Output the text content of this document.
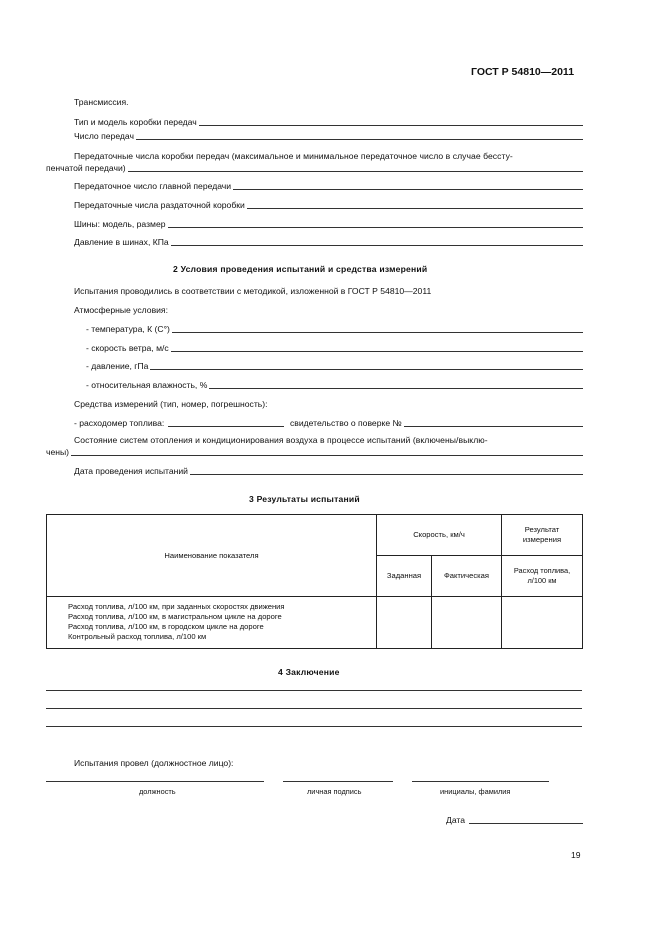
ГОСТ Р 54810—2011
Трансмиссия.
Тип и модель коробки передач
Число передач
Передаточные числа коробки передач (максимальное и минимальное передаточное число в случае бессту-
пенчатой передачи)
Передаточное число главной передачи
Передаточные числа раздаточной коробки
Шины: модель, размер
Давление в шинах, КПа
2 Условия проведения испытаний и средства измерений
Испытания проводились в соответствии с методикой, изложенной в ГОСТ Р 54810—2011
Атмосферные условия:
- температура, К (С°)
- скорость ветра, м/с
- давление, гПа
- относительная влажность, %
Средства измерений (тип, номер, погрешность):
- расходомер топлива:	свидетельство о поверке №
Состояние систем отопления и кондиционирования воздуха в процессе испытаний (включены/выклю-
чены)
Дата проведения испытаний
3 Результаты испытаний
Наименование показателя	Скорость, км/ч		Результат
измерения

	Заданная	Фактическая	Расход топлива,
л/100 км

Расход топлива, л/100 км, при заданных скоростях движения
Расход топлива, л/100 км, в магистральном цикле на дороге
Расход топлива, л/100 км, в городском цикле на дороге
Контрольный расход топлива, л/100 км			

4 Заключение
Испытания провел (должностное лицо):
должность	личная подпись	инициалы, фамилия
Дата
19
